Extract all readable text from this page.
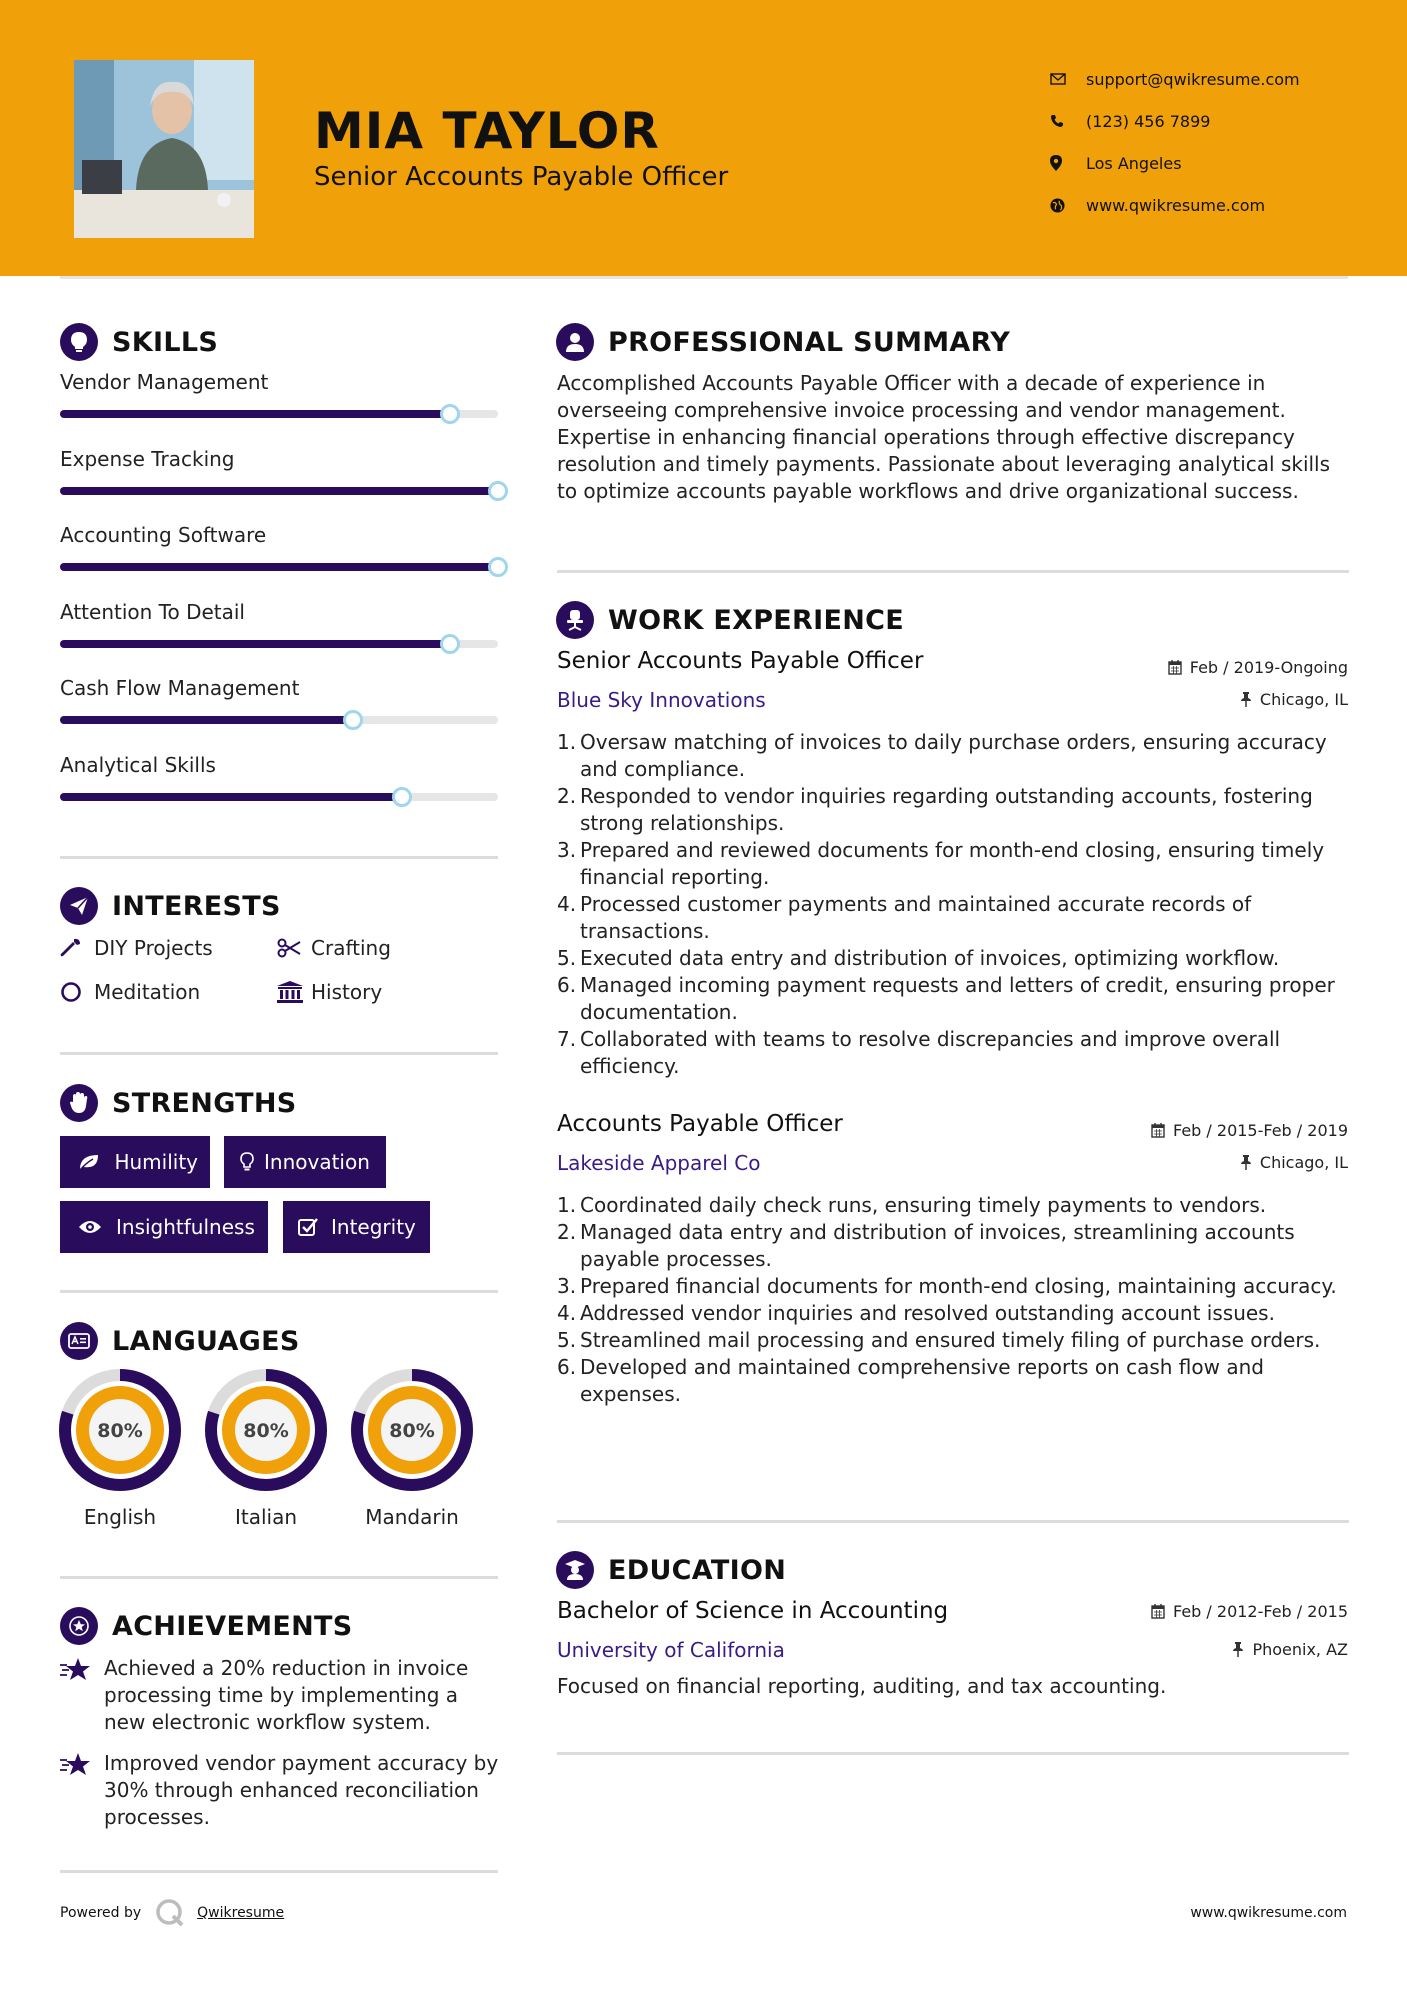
MIA TAYLOR
Senior Accounts Payable Officer
support@qwikresume.com
(123) 456 7899
Los Angeles
www.qwikresume.com
SKILLS
Vendor Management
Expense Tracking
Accounting Software
Attention To Detail
Cash Flow Management
Analytical Skills
INTERESTS
DIY Projects	Crafting
Meditation	History
STRENGTHS
Humility	Innovation
Insightfulness	Integrity
LANGUAGES
80%
English
80%
Italian
80%
Mandarin
ACHIEVEMENTS
Achieved a 20% reduction in invoice processing time by implementing a new electronic workflow system.
Improved vendor payment accuracy by 30% through enhanced reconciliation processes.
Powered by	Qwikresume	www.qwikresume.com
PROFESSIONAL SUMMARY
Accomplished Accounts Payable Officer with a decade of experience in overseeing comprehensive invoice processing and vendor management. Expertise in enhancing financial operations through effective discrepancy resolution and timely payments. Passionate about leveraging analytical skills to optimize accounts payable workflows and drive organizational success.
WORK EXPERIENCE
Senior Accounts Payable Officer	Feb / 2019-Ongoing
Blue Sky Innovations	Chicago, IL
1. Oversaw matching of invoices to daily purchase orders, ensuring accuracy and compliance.
2. Responded to vendor inquiries regarding outstanding accounts, fostering strong relationships.
3. Prepared and reviewed documents for month-end closing, ensuring timely financial reporting.
4. Processed customer payments and maintained accurate records of transactions.
5. Executed data entry and distribution of invoices, optimizing workflow.
6. Managed incoming payment requests and letters of credit, ensuring proper documentation.
7. Collaborated with teams to resolve discrepancies and improve overall efficiency.
Accounts Payable Officer	Feb / 2015-Feb / 2019
Lakeside Apparel Co	Chicago, IL
1. Coordinated daily check runs, ensuring timely payments to vendors.
2. Managed data entry and distribution of invoices, streamlining accounts payable processes.
3. Prepared financial documents for month-end closing, maintaining accuracy.
4. Addressed vendor inquiries and resolved outstanding account issues.
5. Streamlined mail processing and ensured timely filing of purchase orders.
6. Developed and maintained comprehensive reports on cash flow and expenses.
EDUCATION
Bachelor of Science in Accounting	Feb / 2012-Feb / 2015
University of California	Phoenix, AZ
Focused on financial reporting, auditing, and tax accounting.
